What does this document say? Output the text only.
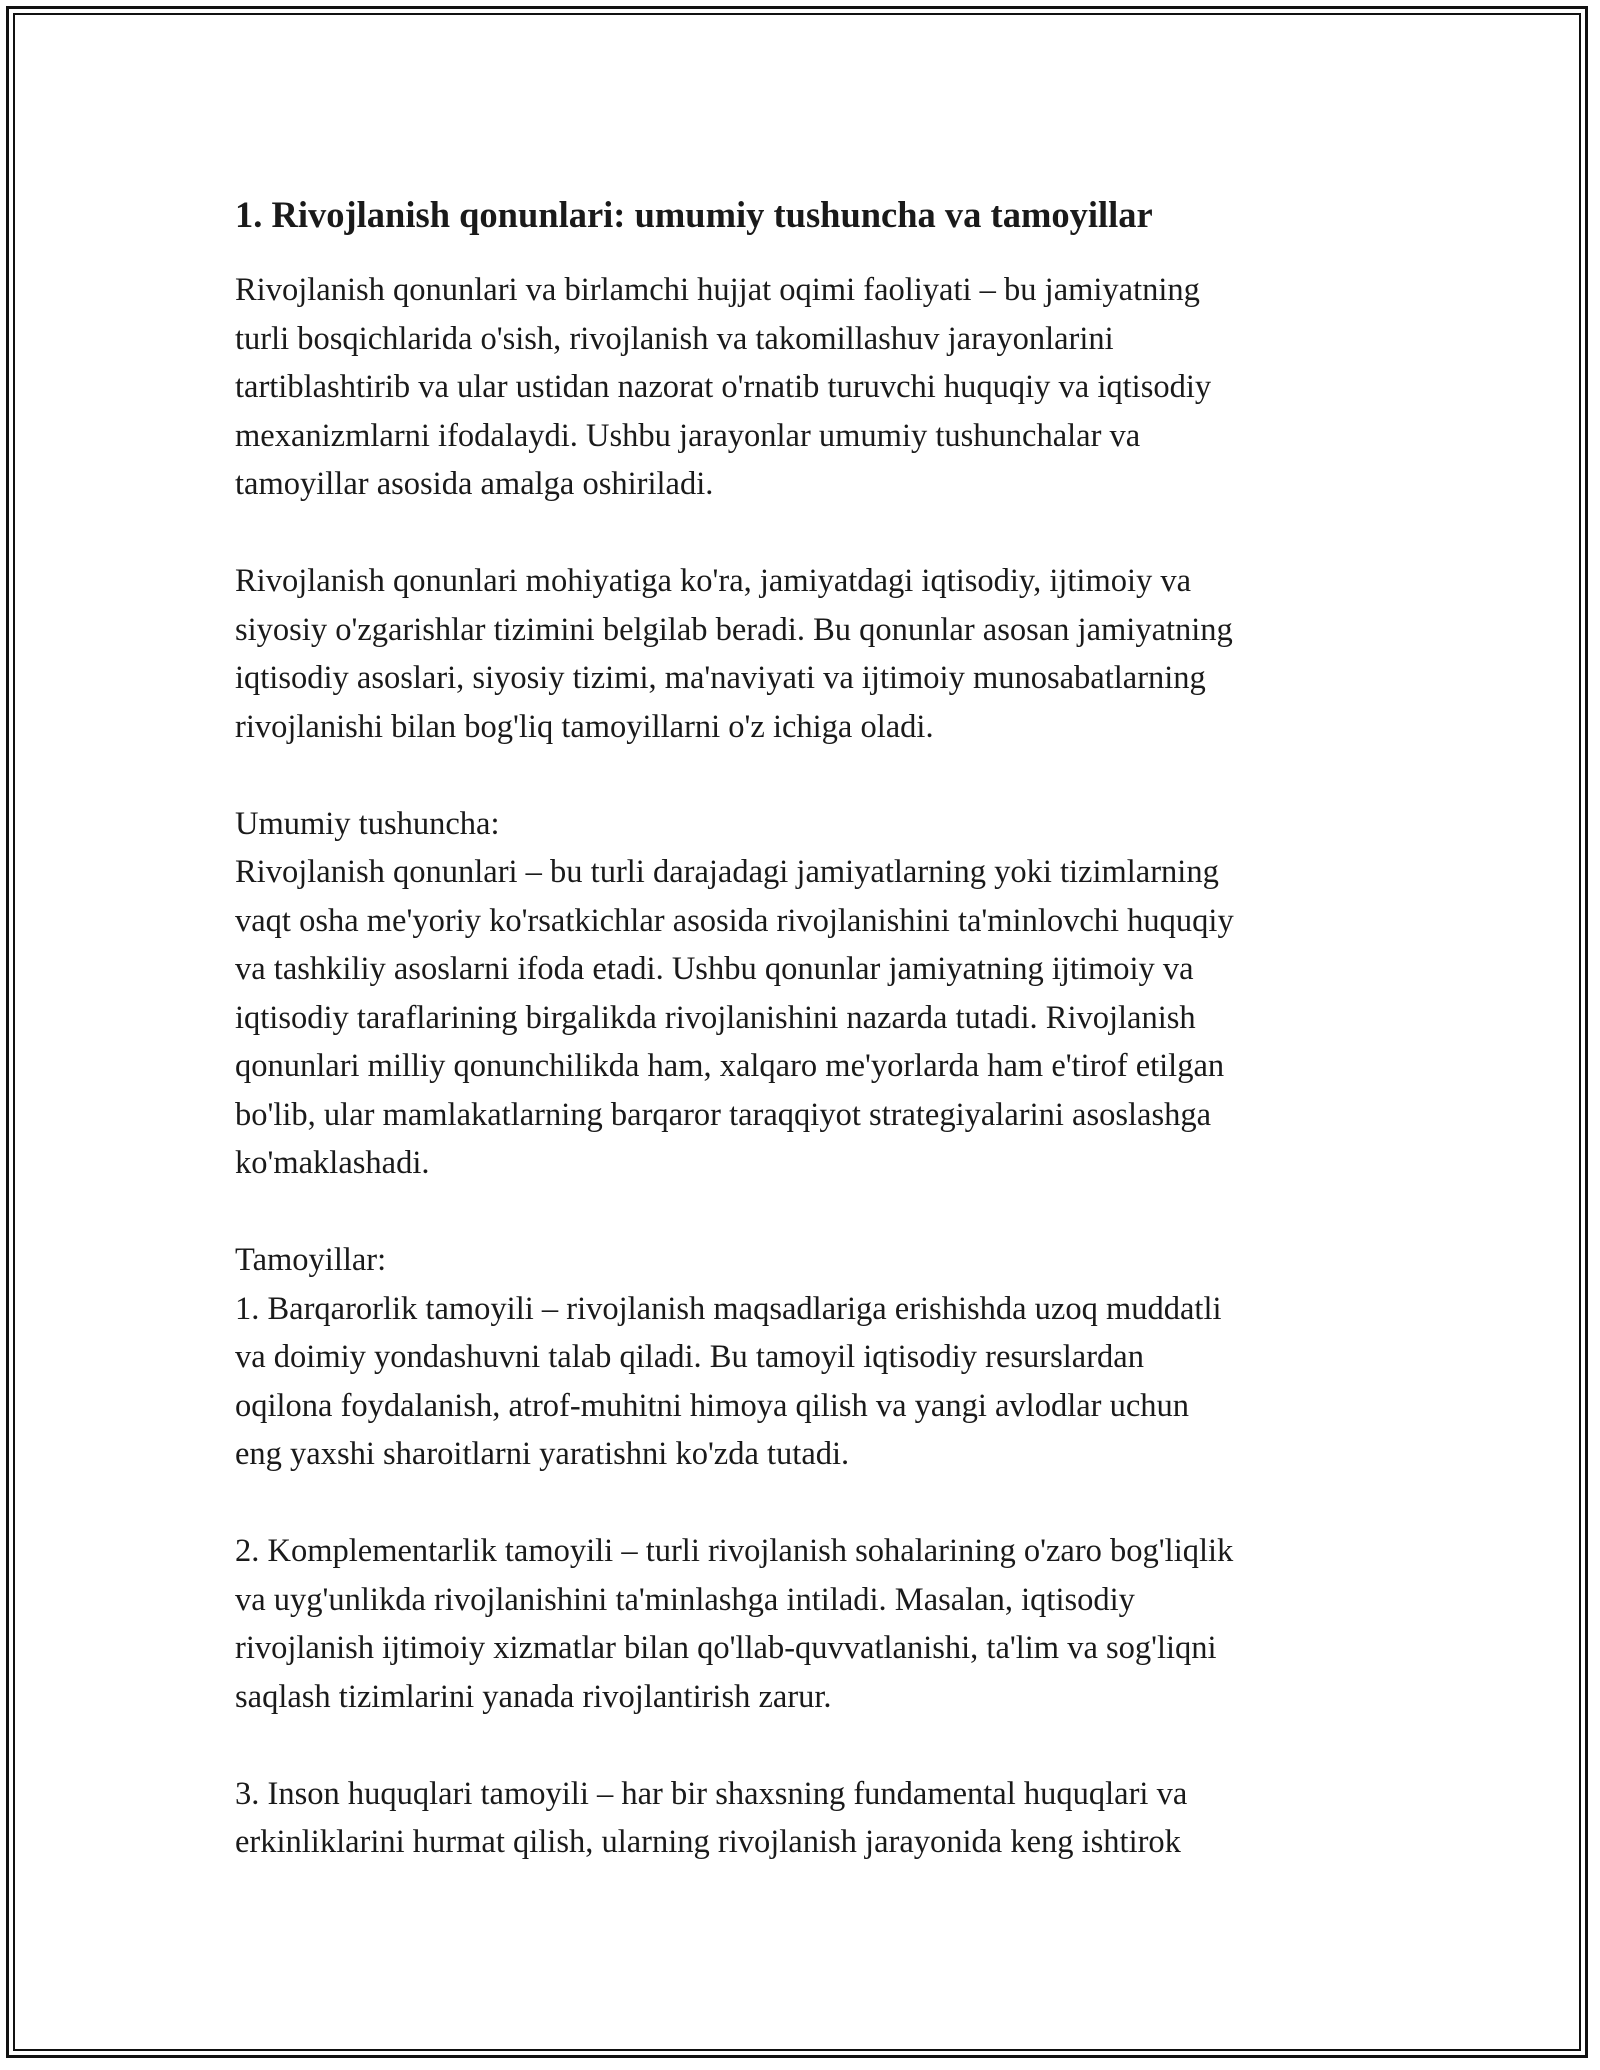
1. Rivojlanish qonunlari: umumiy tushuncha va tamoyillar

Rivojlanish qonunlari va birlamchi hujjat oqimi faoliyati – bu jamiyatning
turli bosqichlarida o'sish, rivojlanish va takomillashuv jarayonlarini
tartiblashtirib va ular ustidan nazorat o'rnatib turuvchi huquqiy va iqtisodiy
mexanizmlarni ifodalaydi. Ushbu jarayonlar umumiy tushunchalar va
tamoyillar asosida amalga oshiriladi.

Rivojlanish qonunlari mohiyatiga ko'ra, jamiyatdagi iqtisodiy, ijtimoiy va
siyosiy o'zgarishlar tizimini belgilab beradi. Bu qonunlar asosan jamiyatning
iqtisodiy asoslari, siyosiy tizimi, ma'naviyati va ijtimoiy munosabatlarning
rivojlanishi bilan bog'liq tamoyillarni o'z ichiga oladi.

Umumiy tushuncha:
Rivojlanish qonunlari – bu turli darajadagi jamiyatlarning yoki tizimlarning
vaqt osha me'yoriy ko'rsatkichlar asosida rivojlanishini ta'minlovchi huquqiy
va tashkiliy asoslarni ifoda etadi. Ushbu qonunlar jamiyatning ijtimoiy va
iqtisodiy taraflarining birgalikda rivojlanishini nazarda tutadi. Rivojlanish
qonunlari milliy qonunchilikda ham, xalqaro me'yorlarda ham e'tirof etilgan
bo'lib, ular mamlakatlarning barqaror taraqqiyot strategiyalarini asoslashga
ko'maklashadi.

Tamoyillar:
1. Barqarorlik tamoyili – rivojlanish maqsadlariga erishishda uzoq muddatli
va doimiy yondashuvni talab qiladi. Bu tamoyil iqtisodiy resurslardan
oqilona foydalanish, atrof-muhitni himoya qilish va yangi avlodlar uchun
eng yaxshi sharoitlarni yaratishni ko'zda tutadi.

2. Komplementarlik tamoyili – turli rivojlanish sohalarining o'zaro bog'liqlik
va uyg'unlikda rivojlanishini ta'minlashga intiladi. Masalan, iqtisodiy
rivojlanish ijtimoiy xizmatlar bilan qo'llab-quvvatlanishi, ta'lim va sog'liqni
saqlash tizimlarini yanada rivojlantirish zarur.

3. Inson huquqlari tamoyili – har bir shaxsning fundamental huquqlari va
erkinliklarini hurmat qilish, ularning rivojlanish jarayonida keng ishtirok
